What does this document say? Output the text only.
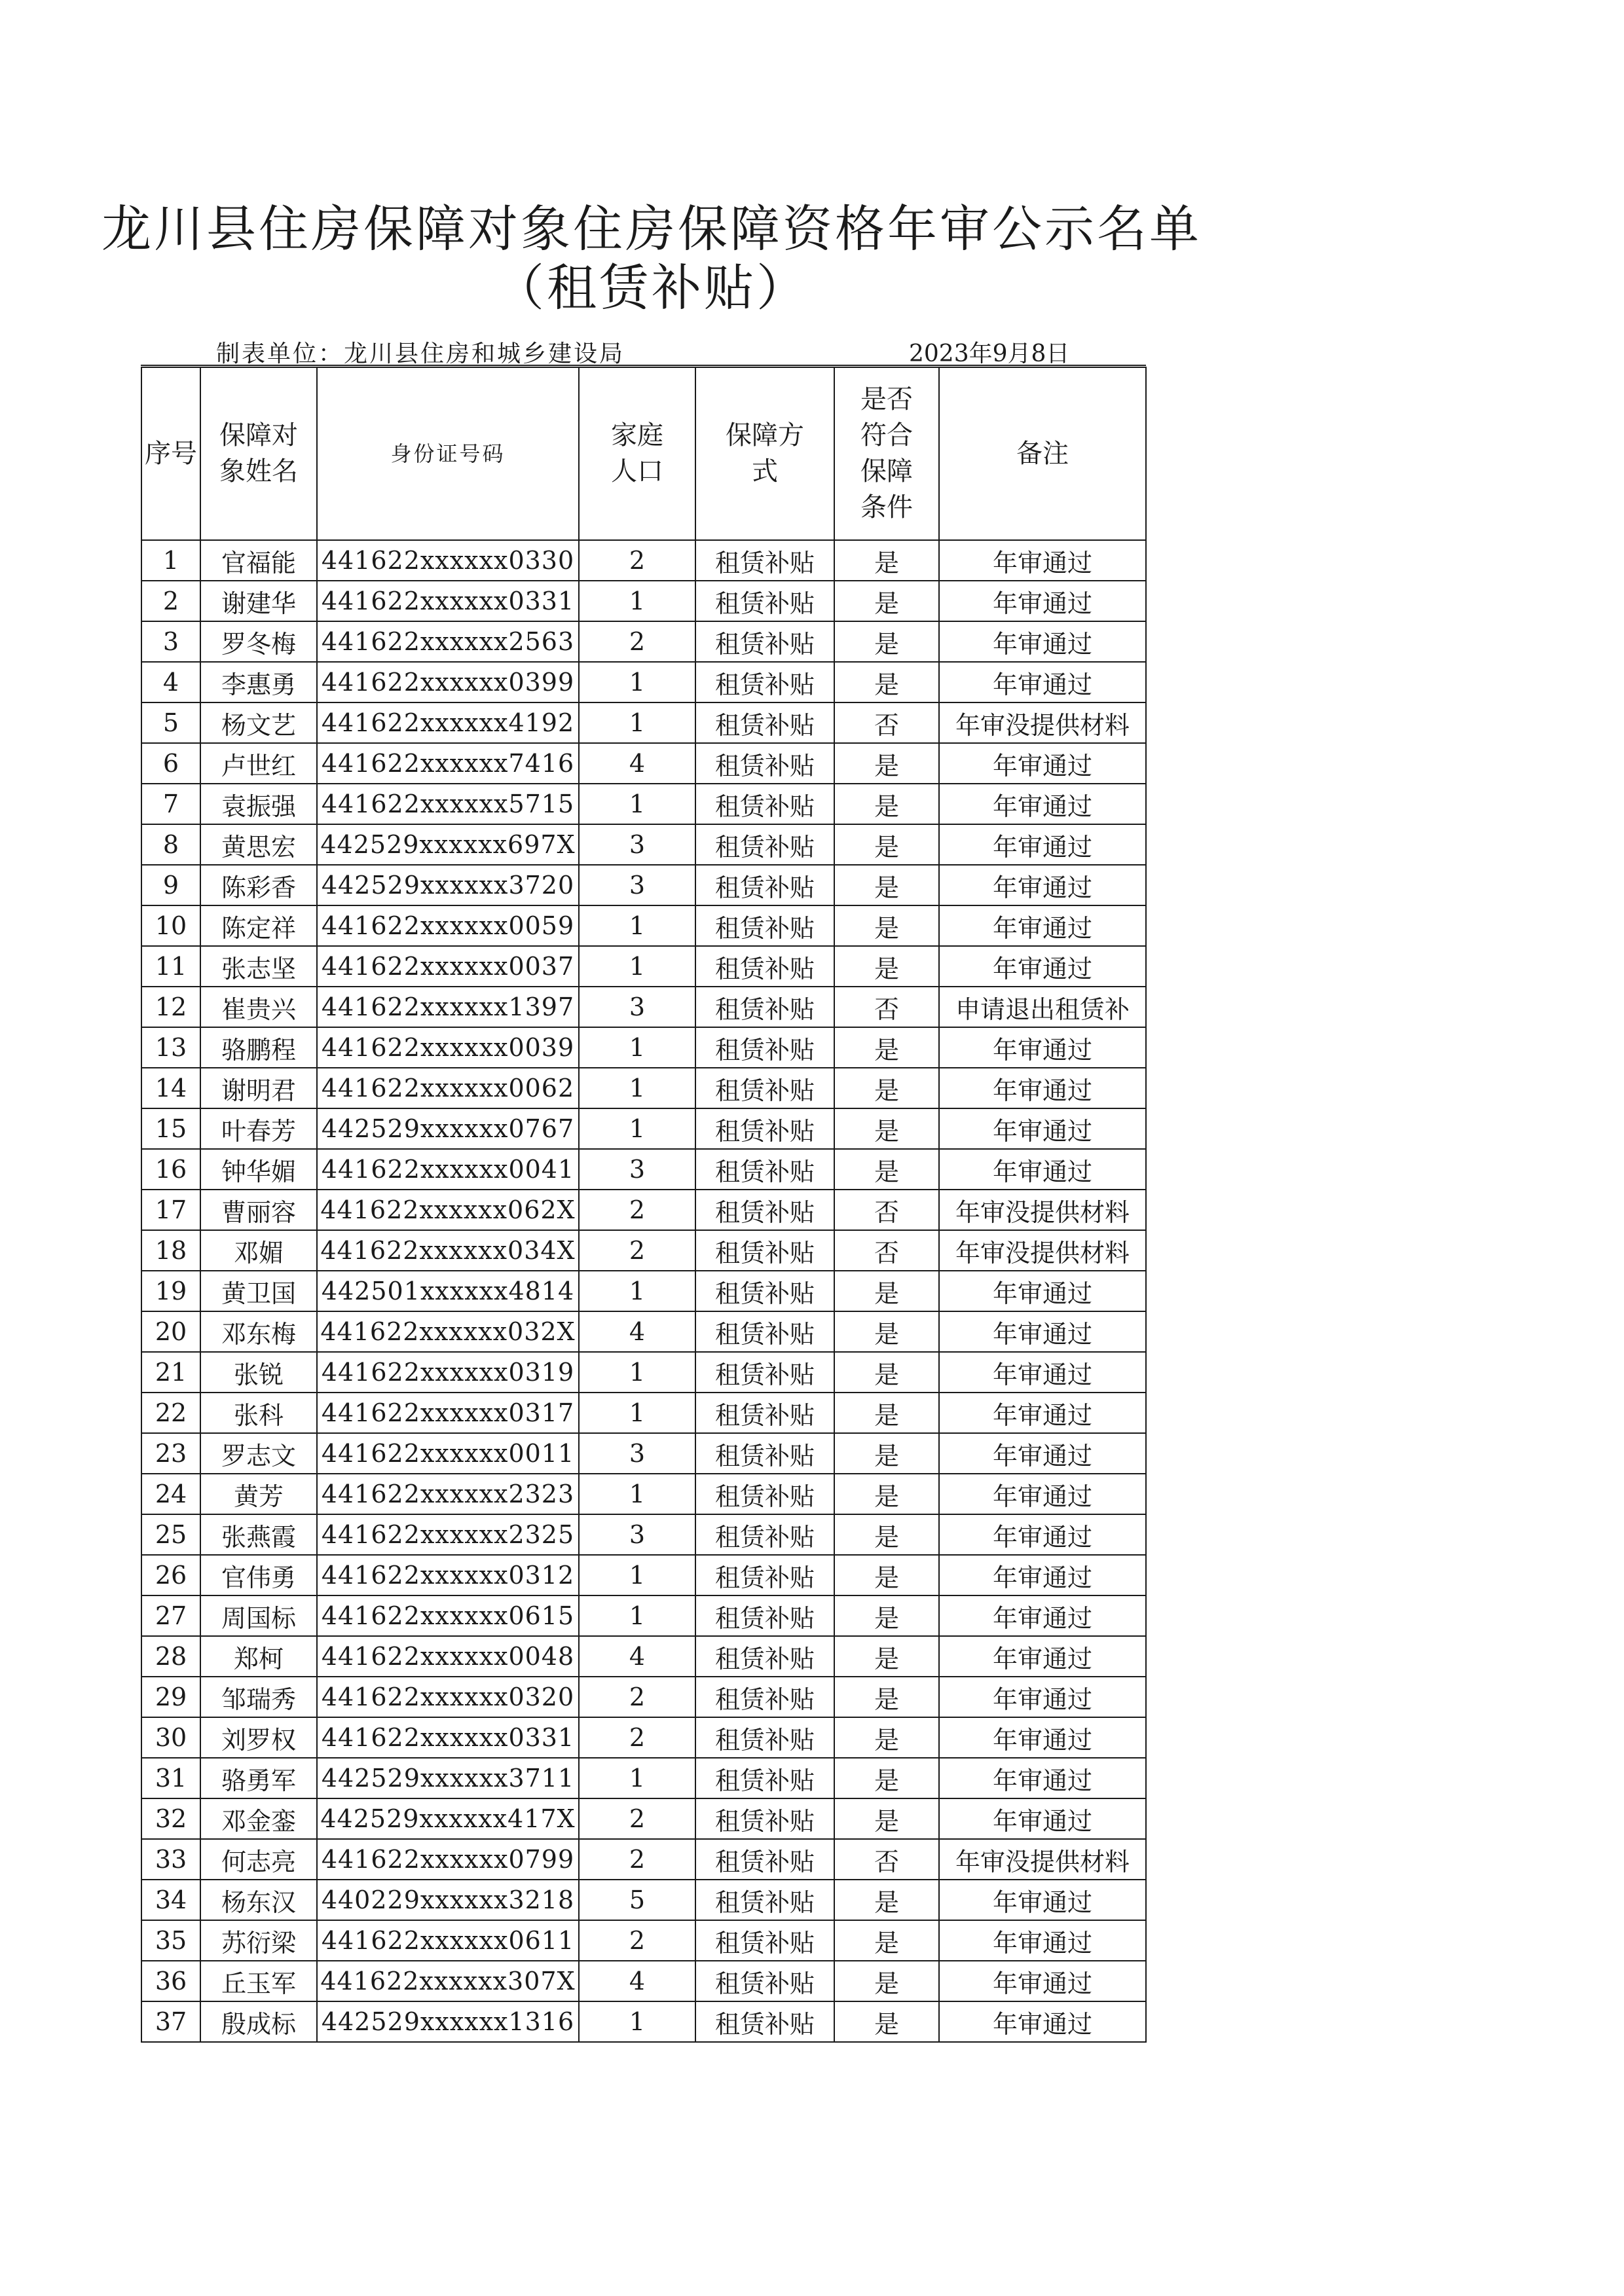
龙川县住房保障对象住房保障资格年审公示名单
（租赁补贴）
制表单位：龙川县住房和城乡建设局	2023年9月8日
序号	保障对象姓名	身份证号码	家庭人口	保障方式	是否符合保障条件	备注
1	官福能	441622xxxxxx0330	2	租赁补贴	是	年审通过
2	谢建华	441622xxxxxx0331	1	租赁补贴	是	年审通过
3	罗冬梅	441622xxxxxx2563	2	租赁补贴	是	年审通过
4	李惠勇	441622xxxxxx0399	1	租赁补贴	是	年审通过
5	杨文艺	441622xxxxxx4192	1	租赁补贴	否	年审没提供材料
6	卢世红	441622xxxxxx7416	4	租赁补贴	是	年审通过
7	袁振强	441622xxxxxx5715	1	租赁补贴	是	年审通过
8	黄思宏	442529xxxxxx697X	3	租赁补贴	是	年审通过
9	陈彩香	442529xxxxxx3720	3	租赁补贴	是	年审通过
10	陈定祥	441622xxxxxx0059	1	租赁补贴	是	年审通过
11	张志坚	441622xxxxxx0037	1	租赁补贴	是	年审通过
12	崔贵兴	441622xxxxxx1397	3	租赁补贴	否	申请退出租赁补
13	骆鹏程	441622xxxxxx0039	1	租赁补贴	是	年审通过
14	谢明君	441622xxxxxx0062	1	租赁补贴	是	年审通过
15	叶春芳	442529xxxxxx0767	1	租赁补贴	是	年审通过
16	钟华媚	441622xxxxxx0041	3	租赁补贴	是	年审通过
17	曹丽容	441622xxxxxx062X	2	租赁补贴	否	年审没提供材料
18	邓媚	441622xxxxxx034X	2	租赁补贴	否	年审没提供材料
19	黄卫国	442501xxxxxx4814	1	租赁补贴	是	年审通过
20	邓东梅	441622xxxxxx032X	4	租赁补贴	是	年审通过
21	张锐	441622xxxxxx0319	1	租赁补贴	是	年审通过
22	张科	441622xxxxxx0317	1	租赁补贴	是	年审通过
23	罗志文	441622xxxxxx0011	3	租赁补贴	是	年审通过
24	黄芳	441622xxxxxx2323	1	租赁补贴	是	年审通过
25	张燕霞	441622xxxxxx2325	3	租赁补贴	是	年审通过
26	官伟勇	441622xxxxxx0312	1	租赁补贴	是	年审通过
27	周国标	441622xxxxxx0615	1	租赁补贴	是	年审通过
28	郑柯	441622xxxxxx0048	4	租赁补贴	是	年审通过
29	邹瑞秀	441622xxxxxx0320	2	租赁补贴	是	年审通过
30	刘罗权	441622xxxxxx0331	2	租赁补贴	是	年审通过
31	骆勇军	442529xxxxxx3711	1	租赁补贴	是	年审通过
32	邓金銮	442529xxxxxx417X	2	租赁补贴	是	年审通过
33	何志亮	441622xxxxxx0799	2	租赁补贴	否	年审没提供材料
34	杨东汉	440229xxxxxx3218	5	租赁补贴	是	年审通过
35	苏衍梁	441622xxxxxx0611	2	租赁补贴	是	年审通过
36	丘玉军	441622xxxxxx307X	4	租赁补贴	是	年审通过
37	殷成标	442529xxxxxx1316	1	租赁补贴	是	年审通过
